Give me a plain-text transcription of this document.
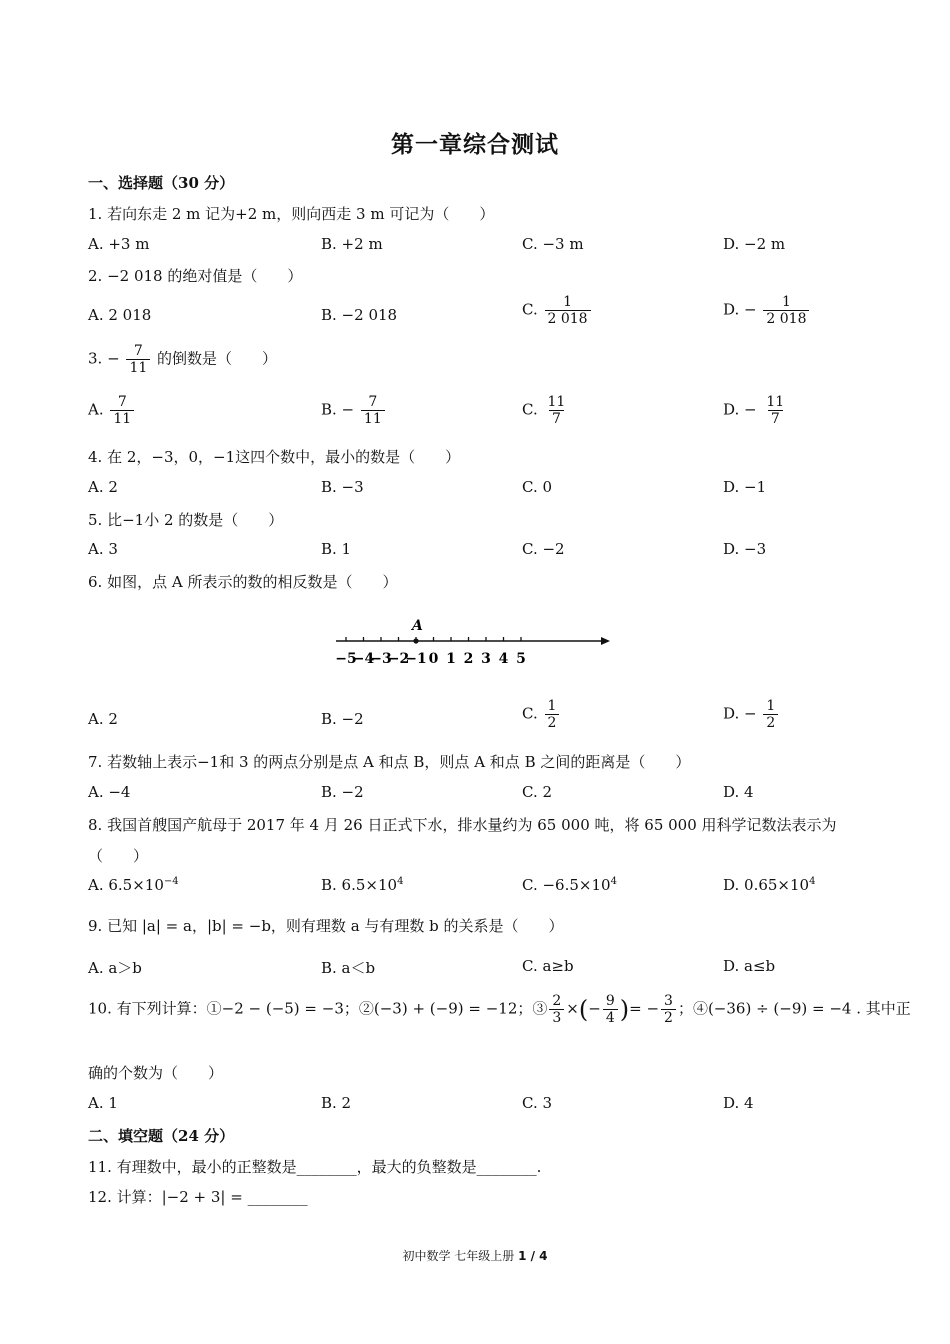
第一章综合测试
一、选择题（30 分）
1. 若向东走 2 m 记为+2 m，则向西走 3 m 可记为（　　）
A. +3 m	B. +2 m	C. −3 m	D. −2 m
2. −2 018 的绝对值是（　　）
A. 2 018	B. −2 018	C. $\frac{1}{2 018}$	D. − $\frac{1}{2 018}$
3. − $\frac{7}{11}$ 的倒数是（　　）
A. $\frac{7}{11}$	B. − $\frac{7}{11}$	C. $\frac{11}{7}$	D. − $\frac{11}{7}$
4. 在 2，−3，0，−1这四个数中，最小的数是（　　）
A. 2	B. −3	C. 0	D. −1
5. 比−1小 2 的数是（　　）
A. 3	B. 1	C. −2	D. −3
6. 如图，点 A 所表示的数的相反数是（　　）
−5
−4
−3
−2
−1 0 1 2 3 4 5
A
A. 2	B. −2	C. $\frac{1}{2}$	D. − $\frac{1}{2}$
7. 若数轴上表示−1和 3 的两点分别是点 A 和点 B，则点 A 和点 B 之间的距离是（　　）
A. −4	B. −2	C. 2	D. 4
8. 我国首艘国产航母于 2017 年 4 月 26 日正式下水，排水量约为 65 000 吨，将 65 000 用科学记数法表示为
（　　）
A. $6.5\times 10^{-4}$	B. $6.5\times 10^4$	C. $-6.5\times 10^4$	D. $0.65\times 10^4$
9. 已知 |a| = a，|b| = −b，则有理数 a 与有理数 b 的关系是（　　）
A. a＞b	B. a＜b	C. a≥b	D. a≤b
10. 有下列计算：①−2 − (−5) = −3；②(−3) + (−9) = −12；③ $\frac{2}{3}$ ×(− $\frac{9}{4}$ )= − $\frac{3}{2}$ ；④(−36) ÷ (−9) = −4 . 其中正
确的个数为（　　）
A. 1	B. 2	C. 3	D. 4
二、填空题（24 分）
11. 有理数中，最小的正整数是________，最大的负整数是________.
12. 计算：|−2 + 3| = ________
初中数学 七年级上册 1 / 4
